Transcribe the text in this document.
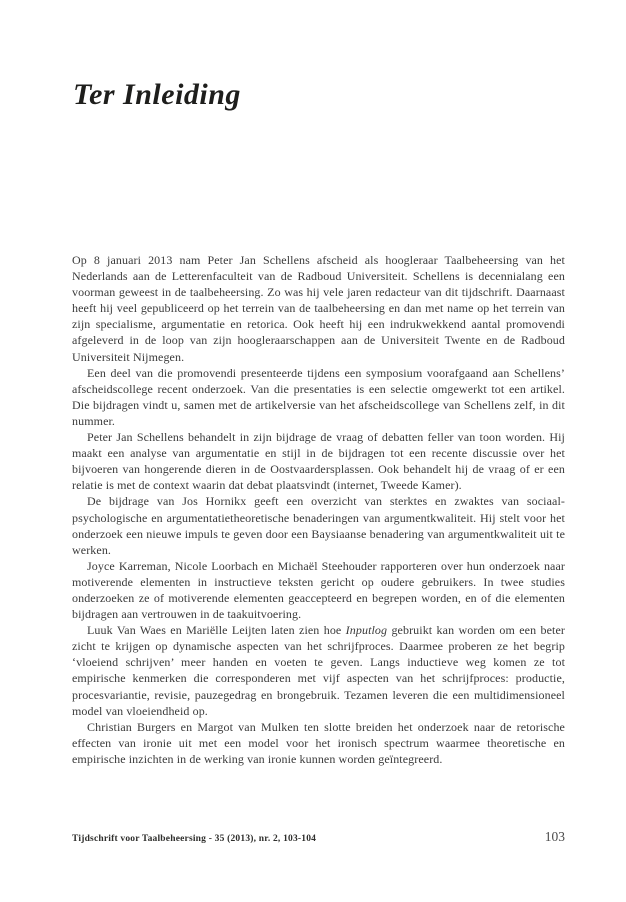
Ter Inleiding

Op 8 januari 2013 nam Peter Jan Schellens afscheid als hoogleraar Taalbeheersing van het Nederlands aan de Letterenfaculteit van de Radboud Universiteit. Schellens is decennialang een voorman geweest in de taalbeheersing. Zo was hij vele jaren redacteur van dit tijdschrift. Daarnaast heeft hij veel gepubliceerd op het terrein van de taalbeheersing en dan met name op het terrein van zijn specialisme, argumentatie en retorica. Ook heeft hij een indrukwekkend aantal promovendi afgeleverd in de loop van zijn hoogleraarschappen aan de Universiteit Twente en de Radboud Universiteit Nijmegen.

Een deel van die promovendi presenteerde tijdens een symposium voorafgaand aan Schellens’ afscheidscollege recent onderzoek. Van die presentaties is een selectie omgewerkt tot een artikel. Die bijdragen vindt u, samen met de artikelversie van het afscheidscollege van Schellens zelf, in dit nummer.

Peter Jan Schellens behandelt in zijn bijdrage de vraag of debatten feller van toon worden. Hij maakt een analyse van argumentatie en stijl in de bijdragen tot een recente discussie over het bijvoeren van hongerende dieren in de Oostvaardersplassen. Ook behandelt hij de vraag of er een relatie is met de context waarin dat debat plaatsvindt (internet, Tweede Kamer).

De bijdrage van Jos Hornikx geeft een overzicht van sterktes en zwaktes van sociaal-psychologische en argumentatietheoretische benaderingen van argumentkwaliteit. Hij stelt voor het onderzoek een nieuwe impuls te geven door een Baysiaanse benadering van argumentkwaliteit uit te werken.

Joyce Karreman, Nicole Loorbach en Michaël Steehouder rapporteren over hun onderzoek naar motiverende elementen in instructieve teksten gericht op oudere gebruikers. In twee studies onderzoeken ze of motiverende elementen geaccepteerd en begrepen worden, en of die elementen bijdragen aan vertrouwen in de taakuitvoering.

Luuk Van Waes en Mariëlle Leijten laten zien hoe Inputlog gebruikt kan worden om een beter zicht te krijgen op dynamische aspecten van het schrijfproces. Daarmee proberen ze het begrip ‘vloeiend schrijven’ meer handen en voeten te geven. Langs inductieve weg komen ze tot empirische kenmerken die corresponderen met vijf aspecten van het schrijfproces: productie, procesvariantie, revisie, pauzegedrag en brongebruik. Tezamen leveren die een multidimensioneel model van vloeiendheid op.

Christian Burgers en Margot van Mulken ten slotte breiden het onderzoek naar de retorische effecten van ironie uit met een model voor het ironisch spectrum waarmee theoretische en empirische inzichten in de werking van ironie kunnen worden geïntegreerd.

Tijdschrift voor Taalbeheersing - 35 (2013), nr. 2, 103-104	103
